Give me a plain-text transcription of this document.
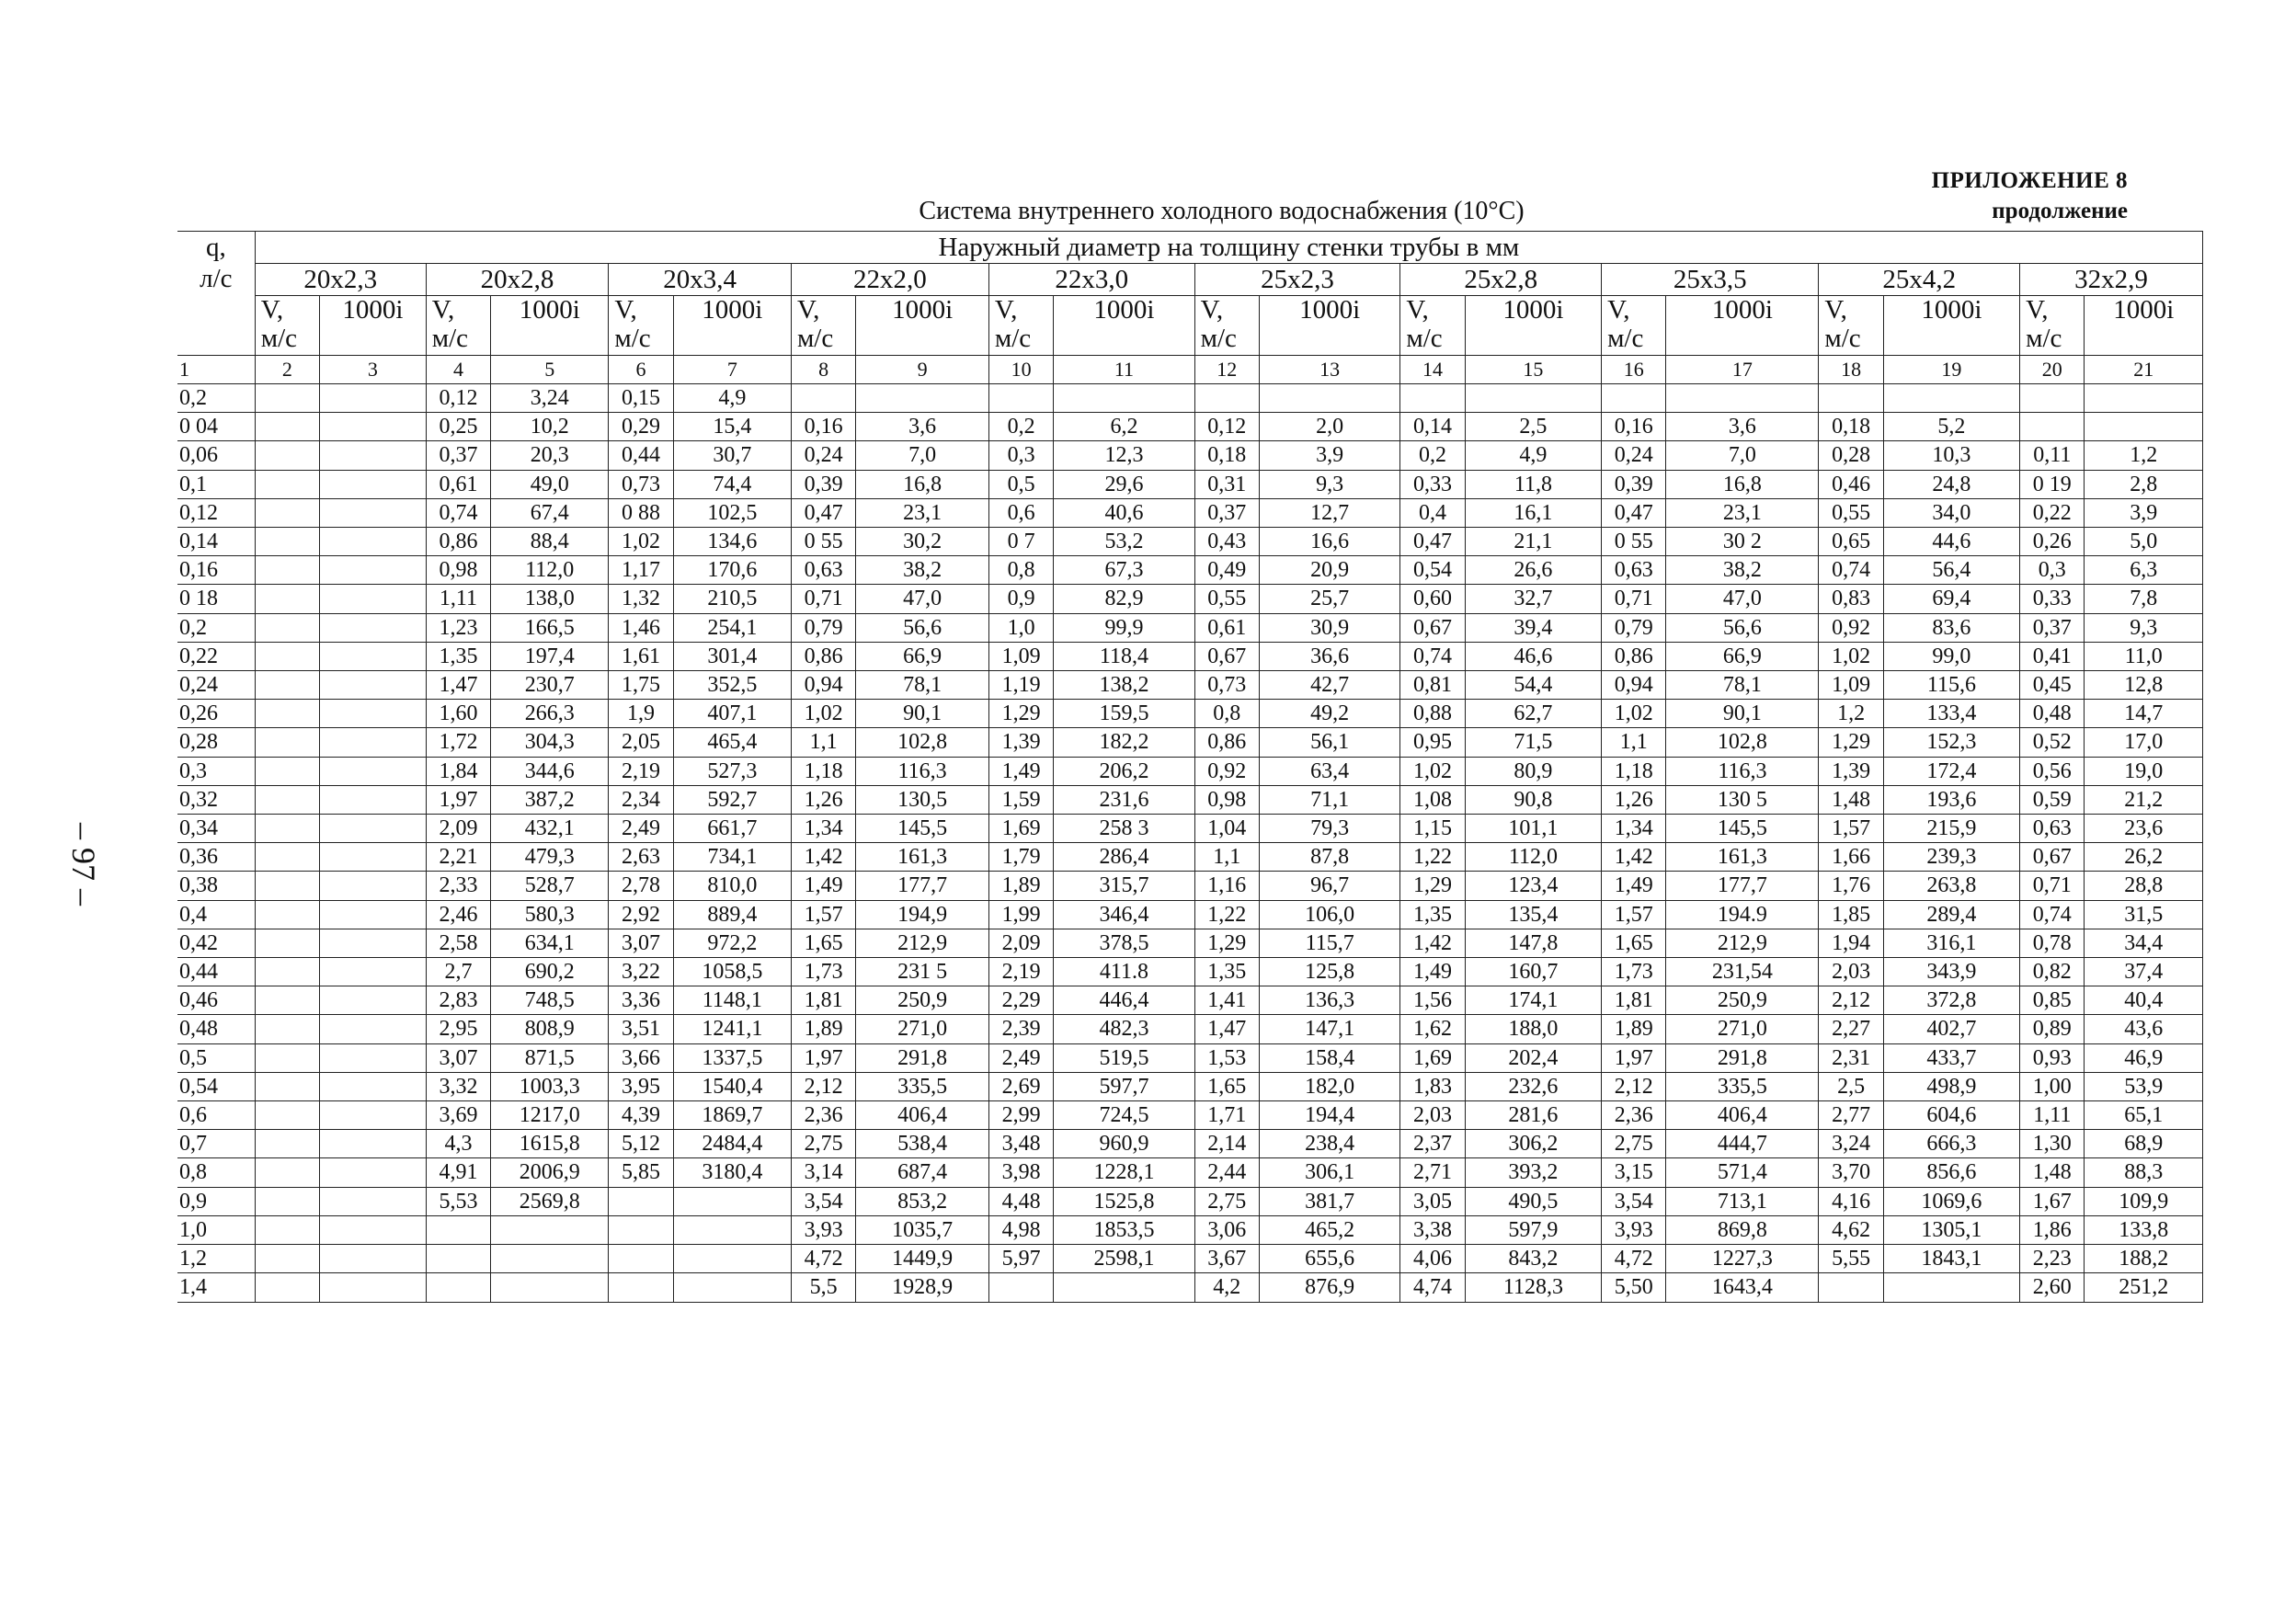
ПРИЛОЖЕНИЕ 8
продолжение
Система внутреннего холодного водоснабжения (10°С)
– 97 –
q,
л/с	Наружный диаметр на толщину стенки трубы в мм																			
	20х2,3		20х2,8		20х3,4		22х2,0		22х3,0		25х2,3		25х2,8		25х3,5		25х4,2		32х2,9	
	V,
м/с	1000i	V,
м/с	1000i	V,
м/с	1000i	V,
м/с	1000i	V,
м/с	1000i	V,
м/с	1000i	V,
м/с	1000i	V,
м/с	1000i	V,
м/с	1000i	V,
м/с	1000i
1	2	3	4	5	6	7	8	9	10	11	12	13	14	15	16	17	18	19	20	21
0,2			0,12	3,24	0,15	4,9														
0 04			0,25	10,2	0,29	15,4	0,16	3,6	0,2	6,2	0,12	2,0	0,14	2,5	0,16	3,6	0,18	5,2		
0,06			0,37	20,3	0,44	30,7	0,24	7,0	0,3	12,3	0,18	3,9	0,2	4,9	0,24	7,0	0,28	10,3	0,11	1,2
0,1			0,61	49,0	0,73	74,4	0,39	16,8	0,5	29,6	0,31	9,3	0,33	11,8	0,39	16,8	0,46	24,8	0 19	2,8
0,12			0,74	67,4	0 88	102,5	0,47	23,1	0,6	40,6	0,37	12,7	0,4	16,1	0,47	23,1	0,55	34,0	0,22	3,9
0,14			0,86	88,4	1,02	134,6	0 55	30,2	0 7	53,2	0,43	16,6	0,47	21,1	0 55	30 2	0,65	44,6	0,26	5,0
0,16			0,98	112,0	1,17	170,6	0,63	38,2	0,8	67,3	0,49	20,9	0,54	26,6	0,63	38,2	0,74	56,4	0,3	6,3
0 18			1,11	138,0	1,32	210,5	0,71	47,0	0,9	82,9	0,55	25,7	0,60	32,7	0,71	47,0	0,83	69,4	0,33	7,8
0,2			1,23	166,5	1,46	254,1	0,79	56,6	1,0	99,9	0,61	30,9	0,67	39,4	0,79	56,6	0,92	83,6	0,37	9,3
0,22			1,35	197,4	1,61	301,4	0,86	66,9	1,09	118,4	0,67	36,6	0,74	46,6	0,86	66,9	1,02	99,0	0,41	11,0
0,24			1,47	230,7	1,75	352,5	0,94	78,1	1,19	138,2	0,73	42,7	0,81	54,4	0,94	78,1	1,09	115,6	0,45	12,8
0,26			1,60	266,3	1,9	407,1	1,02	90,1	1,29	159,5	0,8	49,2	0,88	62,7	1,02	90,1	1,2	133,4	0,48	14,7
0,28			1,72	304,3	2,05	465,4	1,1	102,8	1,39	182,2	0,86	56,1	0,95	71,5	1,1	102,8	1,29	152,3	0,52	17,0
0,3			1,84	344,6	2,19	527,3	1,18	116,3	1,49	206,2	0,92	63,4	1,02	80,9	1,18	116,3	1,39	172,4	0,56	19,0
0,32			1,97	387,2	2,34	592,7	1,26	130,5	1,59	231,6	0,98	71,1	1,08	90,8	1,26	130 5	1,48	193,6	0,59	21,2
0,34			2,09	432,1	2,49	661,7	1,34	145,5	1,69	258 3	1,04	79,3	1,15	101,1	1,34	145,5	1,57	215,9	0,63	23,6
0,36			2,21	479,3	2,63	734,1	1,42	161,3	1,79	286,4	1,1	87,8	1,22	112,0	1,42	161,3	1,66	239,3	0,67	26,2
0,38			2,33	528,7	2,78	810,0	1,49	177,7	1,89	315,7	1,16	96,7	1,29	123,4	1,49	177,7	1,76	263,8	0,71	28,8
0,4			2,46	580,3	2,92	889,4	1,57	194,9	1,99	346,4	1,22	106,0	1,35	135,4	1,57	194.9	1,85	289,4	0,74	31,5
0,42			2,58	634,1	3,07	972,2	1,65	212,9	2,09	378,5	1,29	115,7	1,42	147,8	1,65	212,9	1,94	316,1	0,78	34,4
0,44			2,7	690,2	3,22	1058,5	1,73	231 5	2,19	411.8	1,35	125,8	1,49	160,7	1,73	231,54	2,03	343,9	0,82	37,4
0,46			2,83	748,5	3,36	1148,1	1,81	250,9	2,29	446,4	1,41	136,3	1,56	174,1	1,81	250,9	2,12	372,8	0,85	40,4
0,48			2,95	808,9	3,51	1241,1	1,89	271,0	2,39	482,3	1,47	147,1	1,62	188,0	1,89	271,0	2,27	402,7	0,89	43,6
0,5			3,07	871,5	3,66	1337,5	1,97	291,8	2,49	519,5	1,53	158,4	1,69	202,4	1,97	291,8	2,31	433,7	0,93	46,9
0,54			3,32	1003,3	3,95	1540,4	2,12	335,5	2,69	597,7	1,65	182,0	1,83	232,6	2,12	335,5	2,5	498,9	1,00	53,9
0,6			3,69	1217,0	4,39	1869,7	2,36	406,4	2,99	724,5	1,71	194,4	2,03	281,6	2,36	406,4	2,77	604,6	1,11	65,1
0,7			4,3	1615,8	5,12	2484,4	2,75	538,4	3,48	960,9	2,14	238,4	2,37	306,2	2,75	444,7	3,24	666,3	1,30	68,9
0,8			4,91	2006,9	5,85	3180,4	3,14	687,4	3,98	1228,1	2,44	306,1	2,71	393,2	3,15	571,4	3,70	856,6	1,48	88,3
0,9			5,53	2569,8			3,54	853,2	4,48	1525,8	2,75	381,7	3,05	490,5	3,54	713,1	4,16	1069,6	1,67	109,9
1,0							3,93	1035,7	4,98	1853,5	3,06	465,2	3,38	597,9	3,93	869,8	4,62	1305,1	1,86	133,8
1,2							4,72	1449,9	5,97	2598,1	3,67	655,6	4,06	843,2	4,72	1227,3	5,55	1843,1	2,23	188,2
1,4							5,5	1928,9			4,2	876,9	4,74	1128,3	5,50	1643,4			2,60	251,2
